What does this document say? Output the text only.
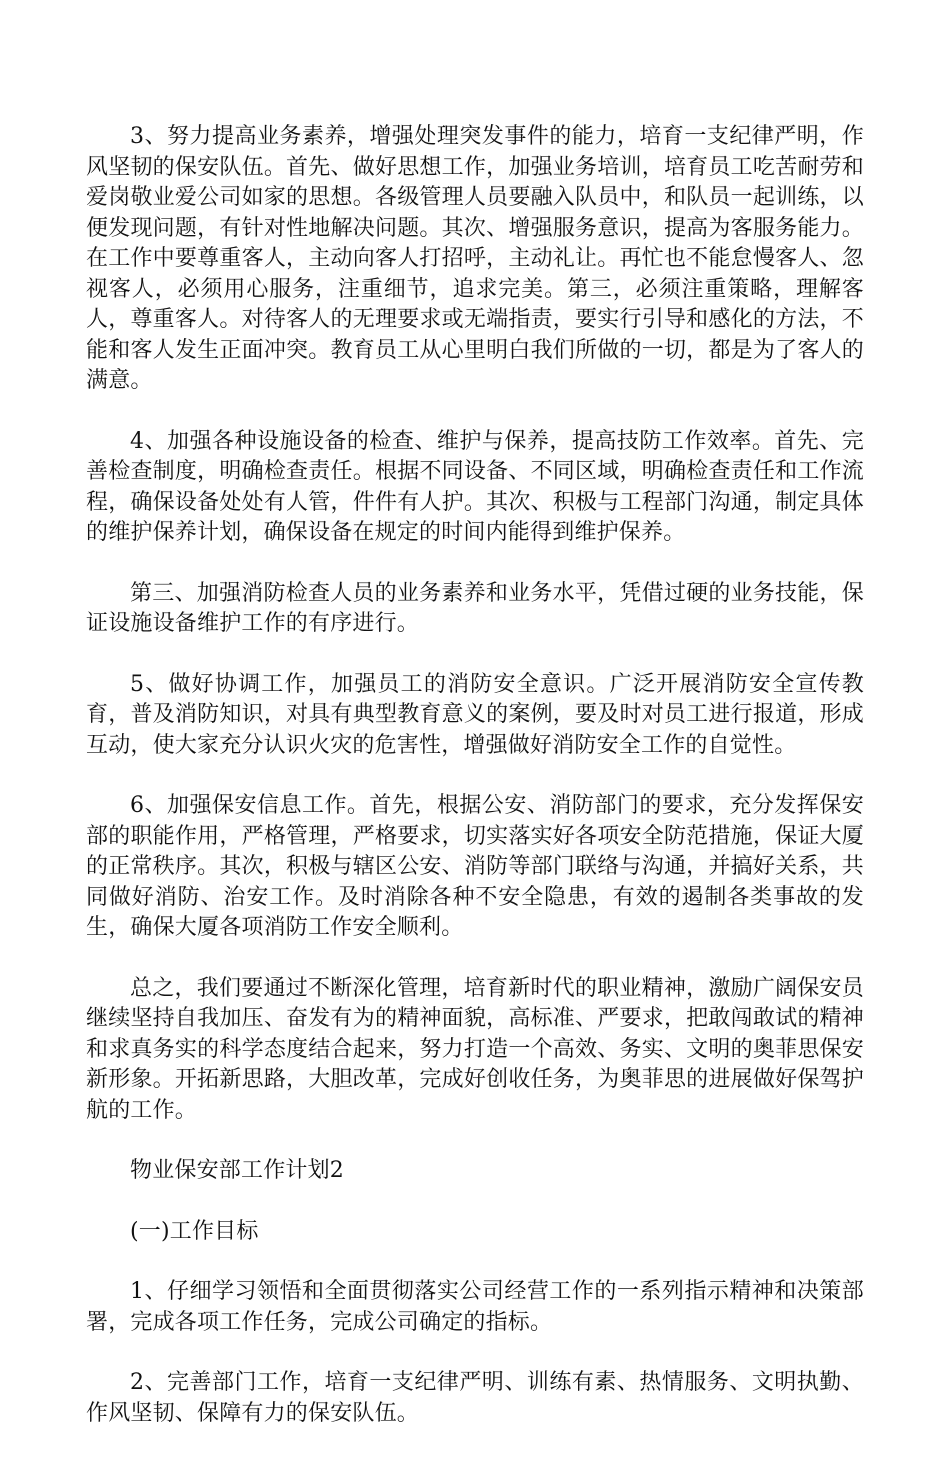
3、努力提高业务素养，增强处理突发事件的能力，培育一支纪律严明，作风坚韧的保安队伍。首先、做好思想工作，加强业务培训，培育员工吃苦耐劳和爱岗敬业爱公司如家的思想。各级管理人员要融入队员中，和队员一起训练，以便发现问题，有针对性地解决问题。其次、增强服务意识，提高为客服务能力。在工作中要尊重客人，主动向客人打招呼，主动礼让。再忙也不能怠慢客人、忽视客人，必须用心服务，注重细节，追求完美。第三，必须注重策略，理解客人，尊重客人。对待客人的无理要求或无端指责，要实行引导和感化的方法，不能和客人发生正面冲突。教育员工从心里明白我们所做的一切，都是为了客人的满意。

4、加强各种设施设备的检查、维护与保养，提高技防工作效率。首先、完善检查制度，明确检查责任。根据不同设备、不同区域，明确检查责任和工作流程，确保设备处处有人管，件件有人护。其次、积极与工程部门沟通，制定具体的维护保养计划，确保设备在规定的时间内能得到维护保养。

第三、加强消防检查人员的业务素养和业务水平，凭借过硬的业务技能，保证设施设备维护工作的有序进行。

5、做好协调工作，加强员工的消防安全意识。广泛开展消防安全宣传教育，普及消防知识，对具有典型教育意义的案例，要及时对员工进行报道，形成互动，使大家充分认识火灾的危害性，增强做好消防安全工作的自觉性。

6、加强保安信息工作。首先，根据公安、消防部门的要求，充分发挥保安部的职能作用，严格管理，严格要求，切实落实好各项安全防范措施，保证大厦的正常秩序。其次，积极与辖区公安、消防等部门联络与沟通，并搞好关系，共同做好消防、治安工作。及时消除各种不安全隐患，有效的遏制各类事故的发生，确保大厦各项消防工作安全顺利。

总之，我们要通过不断深化管理，培育新时代的职业精神，激励广阔保安员继续坚持自我加压、奋发有为的精神面貌，高标准、严要求，把敢闯敢试的精神和求真务实的科学态度结合起来，努力打造一个高效、务实、文明的奥菲思保安新形象。开拓新思路，大胆改革，完成好创收任务，为奥菲思的进展做好保驾护航的工作。

物业保安部工作计划2

(一)工作目标

1、仔细学习领悟和全面贯彻落实公司经营工作的一系列指示精神和决策部署，完成各项工作任务，完成公司确定的指标。

2、完善部门工作，培育一支纪律严明、训练有素、热情服务、文明执勤、作风坚韧、保障有力的保安队伍。
